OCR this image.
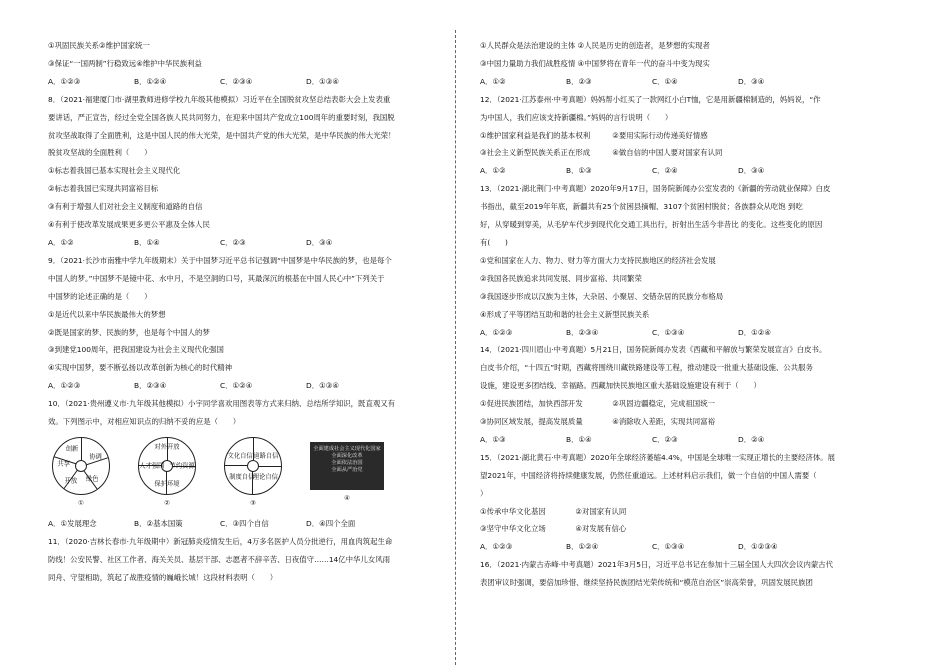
①巩固民族关系②维护国家统一
③保证“一国两制”行稳致远④维护中华民族利益
A．①②③	B．①②④	C．②③④	D．①③④
8．（2021·福建厦门市·湖里教师进修学校九年级其他模拟）习近平在全国脱贫攻坚总结表彰大会上发表重
要讲话，严正宣告，经过全党全国各族人民共同努力，在迎来中国共产党成立100周年的重要时刻，我国脱
贫攻坚战取得了全面胜利，这是中国人民的伟大光荣，是中国共产党的伟大光荣，是中华民族的伟大光荣！
脱贫攻坚战的全面胜利（　　）
①标志着我国已基本实现社会主义现代化
②标志着我国已实现共同富裕目标
③有利于增强人们对社会主义制度和道路的自信
④有利于使改革发展成果更多更公平惠及全体人民
A．①②	B．①④	C．②③	D．③④
9．（2021·长沙市南雅中学九年级期末）关于中国梦习近平总书记强调“中国梦是中华民族的梦，也是每个
中国人的梦。”中国梦不是镜中花、水中月，不是空洞的口号，其最深沉的根基在中国人民心中”下列关于
中国梦的论述正确的是（　　）
①是近代以来中华民族最伟大的梦想
②既是国家的梦、民族的梦，也是每个中国人的梦
③到建党100周年，把我国建设为社会主义现代化强国
④实现中国梦，要不断弘扬以改革创新为核心的时代精神
A．①②③	B．②③④	C．①②④	D．①③④
10．（2021·贵州遵义市·九年级其他模拟）小宇同学喜欢用图表等方式来归纳、总结所学知识，既直观又有
效。下列图示中，对相应知识点的归纳不妥的应是（　　）
创新
协调
绿色
开放
共享
①
对外开放
人才强国 节约资源
保护环境
②
文化自信 道路自信
制度自信
理论自信
③
全面建成社会主义现代化国家
全面深化改革
全面依法治国
全面从严治党
④
A．①发展理念	B．②基本国策	C．③四个自信	D．④四个全面
11．（2020·吉林长春市·九年级期中）新冠肺炎疫情发生后，4万多名医护人员分批逆行，用血肉筑起生命
防线！公安民警、社区工作者、海关关员、基层干部、志愿者不辞辛苦、日夜值守……14亿中华儿女风雨
同舟、守望相助，筑起了战胜疫情的巍峨长城！这段材料表明（　　）
①人民群众是法治建设的主体 ②人民是历史的创造者，是梦想的实现者
③中国力量助力我们战胜疫情 ④中国梦将在青年一代的奋斗中变为现实
A．①②	B．②③	C．①④	D．③④
12．（2021·江苏泰州·中考真题）妈妈帮小红买了一款网红小白T恤，它是用新疆棉制造的，妈妈说，“作
为中国人，我们应该支持新疆棉。”妈妈的言行说明（　　）
①维护国家利益是我们的基本权利　　　②要用实际行动传递美好情感
③社会主义新型民族关系正在形成　　　④做自信的中国人要对国家有认同
A．①②	B．①③	C．②④	D．③④
13．（2021·湖北荆门·中考真题）2020年9月17日，国务院新闻办公室发表的《新疆的劳动就业保障》白皮
书指出，截至2019年年底，新疆共有25个贫困县摘帽、3107个贫困村脱贫；各族群众从吃饱 到吃
好，从穿暖到穿美，从毛驴车代步到现代化交通工具出行，折射出生活今非昔比 的变化。这些变化的原因
有(　　)
①党和国家在人力、物力、财力等方面大力支持民族地区的经济社会发展
②我国各民族追求共同发展、同步富裕、共同繁荣
③我国逐步形成以汉族为主体，大杂居、小聚居、交错杂居的民族分布格局
④形成了平等团结互助和谐的社会主义新型民族关系
A．①②③	B．②③④	C．①③④	D．①②④
14．（2021·四川眉山·中考真题）5月21日，国务院新闻办发表《西藏和平解放与繁荣发展宣言》白皮书。
白皮书介绍，“十四五”时期，西藏将围绕川藏铁路建设等工程，推动建设一批重大基础设施、公共服务
设施，建设更多团结线、幸福路。西藏加快民族地区重大基础设施建设有利于（　　）
①促进民族团结，加快西部开发　　　　②巩固边疆稳定，完成祖国统一
③协同区域发展，提高发展质量　　　　④消除收入差距，实现共同富裕
A．①③	B．①④	C．②③	D．②④
15．（2021·湖北黄石·中考真题）2020年全球经济萎缩4.4%，中国是全球唯一实现正增长的主要经济体。展
望2021年，中国经济将持续健康发展，仍然任重道远。上述材料启示我们，做一个自信的中国人需要（
）
①传承中华文化基因　　　　②对国家有认同
③坚守中华文化立场　　　　④对发展有信心
A．①②③	B．①②④	C．①③④	D．①②③④
16．（2021·内蒙古赤峰·中考真题）2021年3月5日，习近平总书记在参加十三届全国人大四次会议内蒙古代
表团审议时强调，要倍加珍惜、继续坚持民族团结光荣传统和“模范自治区”崇高荣誉，巩固发展民族团
